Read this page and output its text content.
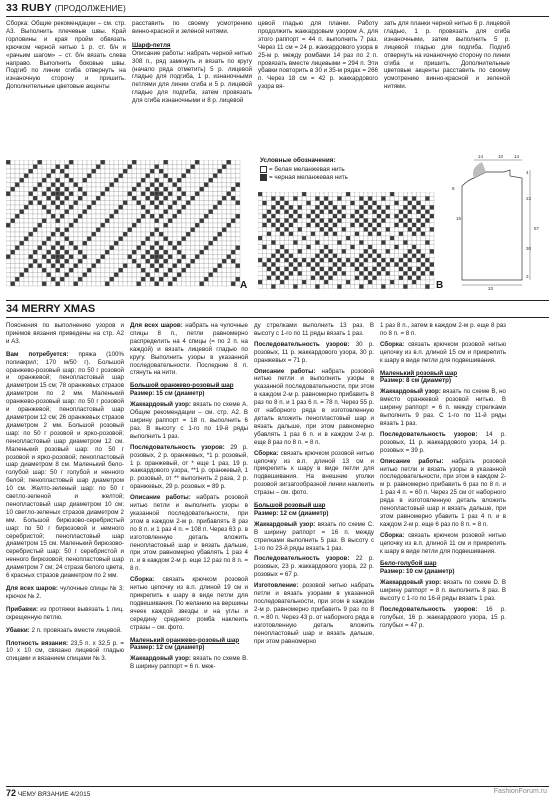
33 RUBY (ПРОДОЛЖЕНИЕ)

Сборка: Общие рекомендации – см. стр. А3. Выполнить плечевые швы. Край горловины и края пройм обвязать крючком черной нитью 1 р. ст. б/н и «рачьим шагом» – ст. б/н вязать слева направо. Выполнить боковые швы. Подгиб по линии сгиба отвернуть на изнаночную сторону и пришить. Дополнительные цветовые акценты

расставить по своему усмотрению винно-красной и зеленой нитями.

Шарф-петля

Описание работы: набрать черной нитью 308 п., ряд замкнуть и вязать по кругу (начало ряда отметить) 5 р. лицевой гладью для подгиба, 1 р. изнаночными петлями для линии сгиба и 5 р. лицевой гладью для подгиба, затем провязать для сгиба изнаночными и 8 р. лицевой

цевой гладью для планки. Работу продолжить жаккардовым узором А, для этого раппорт = 44 п. выполнить 7 раз. Через 11 см = 24 р. жаккардового узора в 25-м р. между ромбами 14 раз по 2 п. провязать вместе лицевыми = 294 п. Эти убавки повторить в 30 и 35-м рядах = 266 п. Через 18 см = 42 р. жаккардового узора вя-

зать для планки черной нитью 6 р. лицевой гладью, 1 р. провязать для сгиба изнаночными, затем выполнить 5 р. лицевой гладью для подгиба. Подгиб отвернуть на изнаночную сторону по линии сгиба и пришить. Дополнительные цветовые акценты расставить по своему усмотрению винно-красной и зеленой нитями.

A
Условные обозначения:
= белая меланжевая нить
= черная меланжевая нить
B
14	10 14
4
23
57
30
15
3
33
8
34 MERRY XMAS

Пояснения по выполнению узоров и приемов вязания приведены на стр. А2 и А3.

Вам потребуется: пряжа (100% полиакрил; 170 м/50 г). Большой оранжево-розовый шар: по 50 г розовой и оранжевой; пенопластовый шар диаметром 15 см; 78 оранжевых стразов диаметром по 2 мм. Маленький оранжево-розовый шар: по 50 г розовой и оранжевой; пенопластовый шар диаметром 12 см; 26 оранжевых стразов диаметром 2 мм. Большой розовый шар: по 50 г розовой и ярко-розовой; пенопластовый шар диаметром 12 см. Маленький розовый шар: по 50 г розовой и ярко-розовой; пенопластовый шар диаметром 8 см. Маленький бело-голубой шар: 50 г голубой и ненного белой; пенопластовый шар диаметром 10 см. Желто-зеленый шар: по 50 г светло-зеленой и желтой; пенопластовый шар диаметром 10 см; 10 светло-зеленых стразов диаметром 2 мм. Большой бирюзово-серебристый шар: по 50 г бирюзовой и немного серебристой; пенопластовый шар диаметром 15 см. Маленький бирюзово-серебристый шар: 50 г серебристой и ненного бирюзовой; пенопластовый шар диаметром 7 см; 24 страза белого цвета, 6 красных стразов диаметром по 2 мм.

Для всех шаров: чулочные спицы № 3; крючок № 2.

Прибавки: из протяжки вывязать 1 лиц. скрещенную петлю.

Убавки: 2 п. провязать вместе лицевой.

Плотность вязания: 23,5 п. х 32,5 р. = 10 х 10 см, связано лицевой гладью спицами и вязанием спицами № 3.

Для всех шаров: набрать на чулочные спицы 8 п., петли равномерно распределить на 4 спицы (= по 2 п. на каждой) и вязать лицевой гладью по кругу. Выполнить узоры в указанной последовательности. Последние 8 п. стянуть на нити.

Большой оранжево-розовый шар

Размер: 15 см (диаметр)

Жаккардовый узор: вязать по схеме А. Общие рекомендации – см. стр. А2. В ширину раппорт = 18 п. выполнить 6 раз. В высоту с 1-го по 19-й ряды выполнить 1 раз.

Последовательность узоров: 29 р. розовых, 2 р. оранжевых, *1 р. розовый, 1 р. оранжевый, от * еще 1 раз, 19 р. жаккардового узора, **1 р. оранжевый, 1 р. розовый, от ** выполнить 2 раза, 2 р. оранжевых, 29 р. розовых = 89 р.

Описание работы: набрать розовой нитью петли и выполнить узоры в указанной последовательности, при этом в каждом 2-м р. прибавлять 8 раз по 8 п. и 1 раз 4 п. = 108 п. Через 63 р. в изготовленную деталь вложить пенопластовый шар и вязать дальше, при этом равномерно убавлять 1 раз 4 п. и в каждом 2-м р. еще 12 раз по 8 п. = 8 п.

Сборка: связать крючком розовой нитью цепочку из в.п. длиной 19 см и прикрепить к шару в виде петли для подвешивания. По желанию на вершины ячеек каждой звезды и на углы и середину среднего ромба наклеить стразы – см. фото.

Маленький оранжево-розовый шар

Размер: 12 см (диаметр)

Жаккардовый узор: вязать по схеме В. В ширину раппорт = 6 п. меж-

ду стрелками выполнить 13 раз. В высоту с 1-го по 11 ряды вязать 1 раз.

Последовательность узоров: 30 р. розовых, 11 р. жаккардового узора, 30 р. оранжевых = 71 р.

Описание работы: набрать розовой нитью петли и выполнить узоры в указанной последовательности, при этом в каждом 2-м р. равномерно прибавить 8 раз по 8 п. и 1 раз 6 п. = 78 п. Через 55 р. от наборного ряда в изготовленную деталь вложить пенопластовый шар и вязать дальше, при этом равномерно убавлять 1 раз 6 п. и в каждом 2-м р. еще 8 раз по 8 п. = 8 п.

Сборка: связать крючком розовой нитью цепочку из в.п. длиной 13 см и прикрепить к шару в виде петли для подвешивания. На внешние уголки розовой зигзагообразной линии наклеить стразы – см. фото.

Большой розовый шар

Размер: 12 см (диаметр)

Жаккардовый узор: вязать по схеме С. В ширину раппорт = 16 п. между стрелками выполнить 5 раз. В высоту с 1-го по 23-й ряды вязать 1 раз.

Последовательность узоров: 22 р. розовых, 23 р. жаккардового узора, 22 р. розовых = 67 р.

Изготовление: розовой нитью набрать петли и вязать узорами в указанной последовательности, при этом в каждом 2-м р. равномерно прибавить 9 раз по 8 п. = 80 п. Через 43 р. от наборного ряда в изготовленную деталь вложить пенопластовый шар и вязать дальше, при этом равномерно

1 раз 8 п., затем в каждом 2-м р. еще 8 раз по 8 п. = 8 п.

Сборка: связать крючком розовой нитью цепочку из в.п. длиной 15 см и прикрепить к шару в виде петли для подвешивания.

Маленький розовый шар

Размер: 8 см (диаметр)

Жаккардовый узор: вязать по схеме В, но вместо оранжевой розовой нитью. В ширину раппорт = 6 п. между стрелками выполнить 9 раз. С 1-го по 11-й ряды вязать 1 раз.

Последовательность узоров: 14 р. розовых, 11 р. жаккардового узора, 14 р. розовых = 39 р.

Описание работы: набрать розовой нитью петли и вязать узоры в указанной последовательности, при этом в каждом 2-м р. равномерно прибавить 6 раз по 8 п. и 1 раз 4 п. = 60 п. Через 25 см от наборного ряда в изготовленную деталь вложить пенопластовый шар и вязать дальше, при этом равномерно убавить 1 раз 4 п. и в каждом 2-м р. еще 6 раз по 8 п. = 8 п.

Сборка: связать крючком розовой нитью цепочку из в.п. длиной 11 см и прикрепить к шару в виде петли для подвешивания.

Бело-голубой шар

Размер: 10 см (диаметр)

Жаккардовый узор: вязать по схеме D. В ширину раппорт = 8 п. выполнить 8 раз. В высоту с 1-го по 16-й ряды вязать 1 раз.

Последовательность узоров: 16 р. голубых, 16 р. жаккардового узора, 15 р. голубых = 47 р.

72 ЧЕМУ ВЯЗАНИЕ 4/2015	FashionForum.ru
